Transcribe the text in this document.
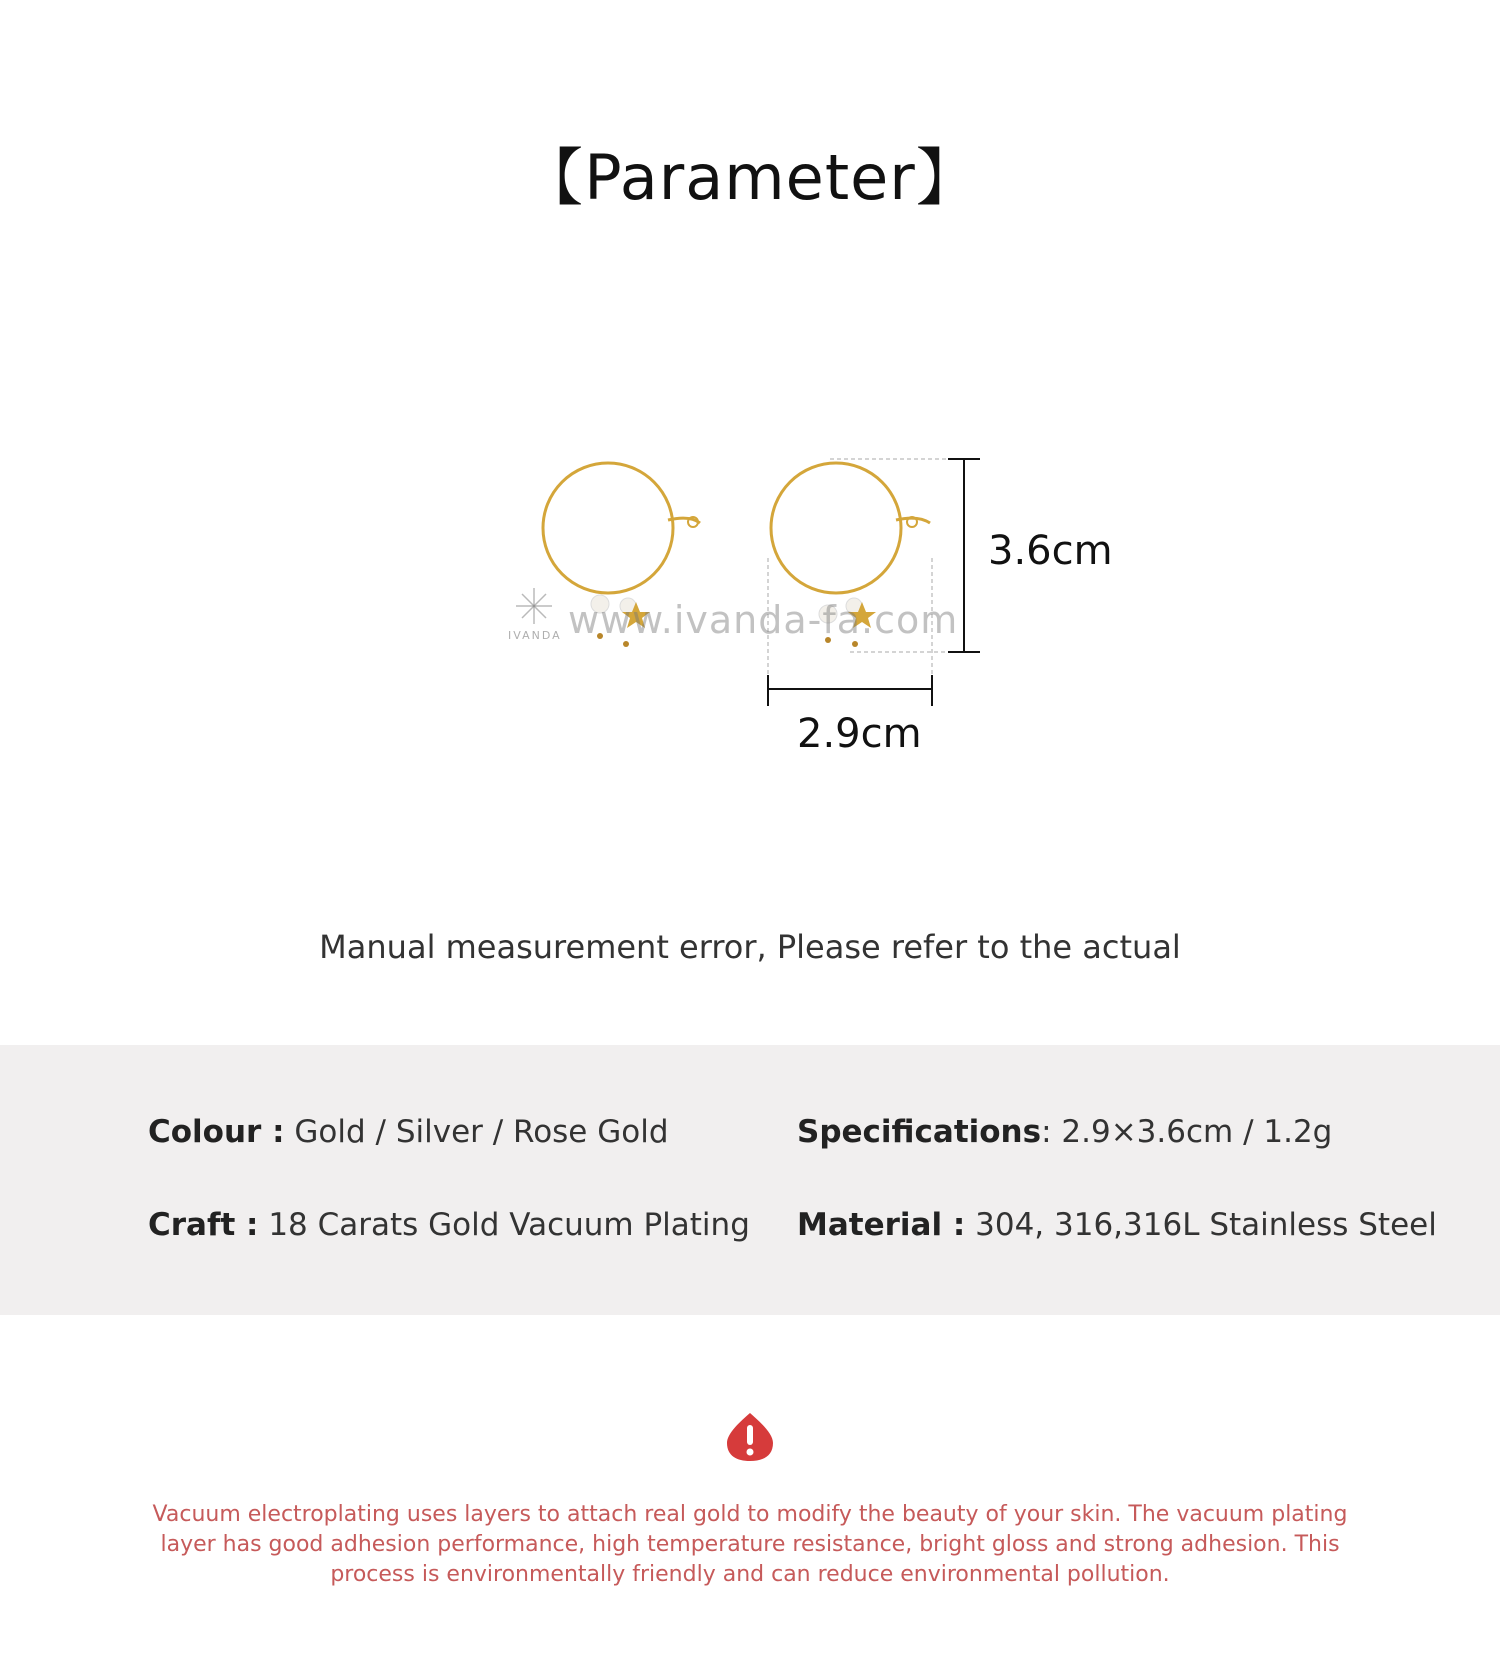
【Parameter】
www.ivanda-fa.com
IVANDA
3.6cm
2.9cm
Manual measurement error, Please refer to the actual
Colour : Gold / Silver / Rose Gold	Specifications: 2.9×3.6cm / 1.2g
Craft : 18 Carats Gold Vacuum Plating Material : 304, 316,316L Stainless Steel
Vacuum electroplating uses layers to attach real gold to modify the beauty of your skin. The vacuum plating layer has good adhesion performance, high temperature resistance, bright gloss and strong adhesion. This process is environmentally friendly and can reduce environmental pollution.
